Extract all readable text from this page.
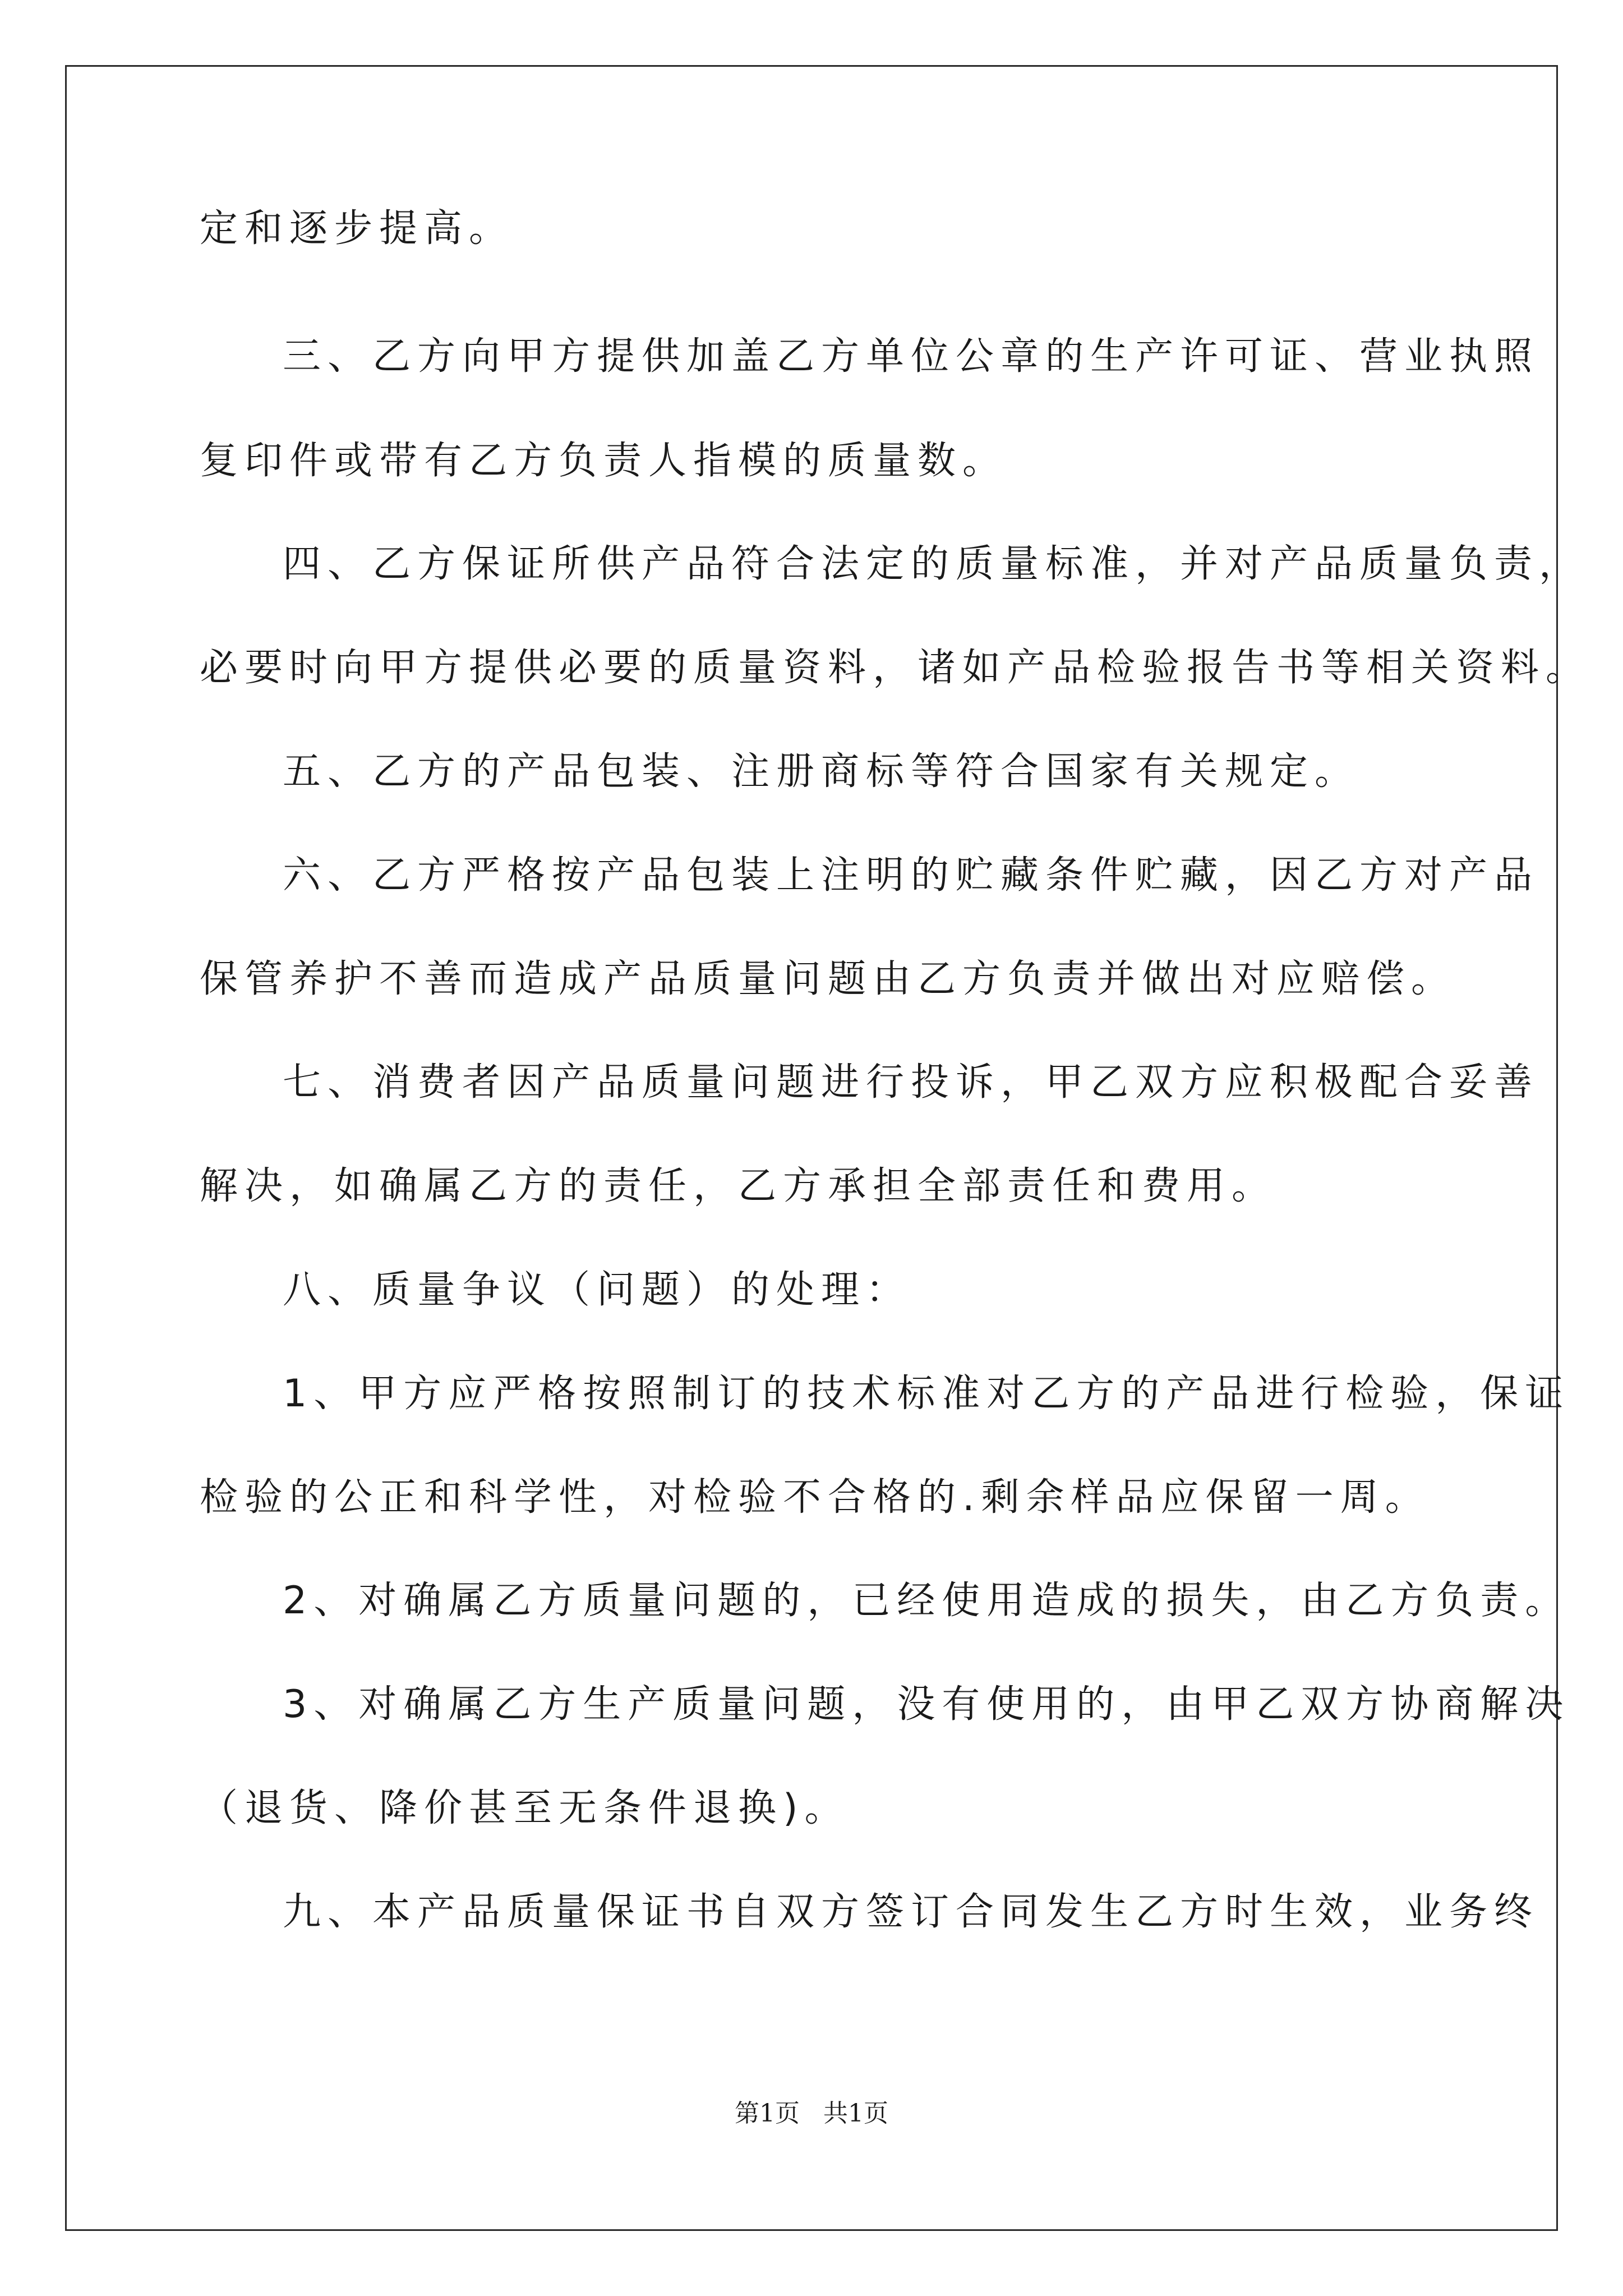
定和逐步提高。
三、乙方向甲方提供加盖乙方单位公章的生产许可证、营业执照
复印件或带有乙方负责人指模的质量数。
四、乙方保证所供产品符合法定的质量标准，并对产品质量负责，
必要时向甲方提供必要的质量资料，诸如产品检验报告书等相关资料。
五、乙方的产品包装、注册商标等符合国家有关规定。
六、乙方严格按产品包装上注明的贮藏条件贮藏，因乙方对产品
保管养护不善而造成产品质量问题由乙方负责并做出对应赔偿。
七、消费者因产品质量问题进行投诉，甲乙双方应积极配合妥善
解决，如确属乙方的责任，乙方承担全部责任和费用。
八、质量争议（问题）的处理：
1、甲方应严格按照制订的技术标准对乙方的产品进行检验，保证
检验的公正和科学性，对检验不合格的.剩余样品应保留一周。
2、对确属乙方质量问题的，已经使用造成的损失，由乙方负责。
3、对确属乙方生产质量问题，没有使用的，由甲乙双方协商解决
（退货、降价甚至无条件退换)。
九、本产品质量保证书自双方签订合同发生乙方时生效，业务终
第1页   共1页
